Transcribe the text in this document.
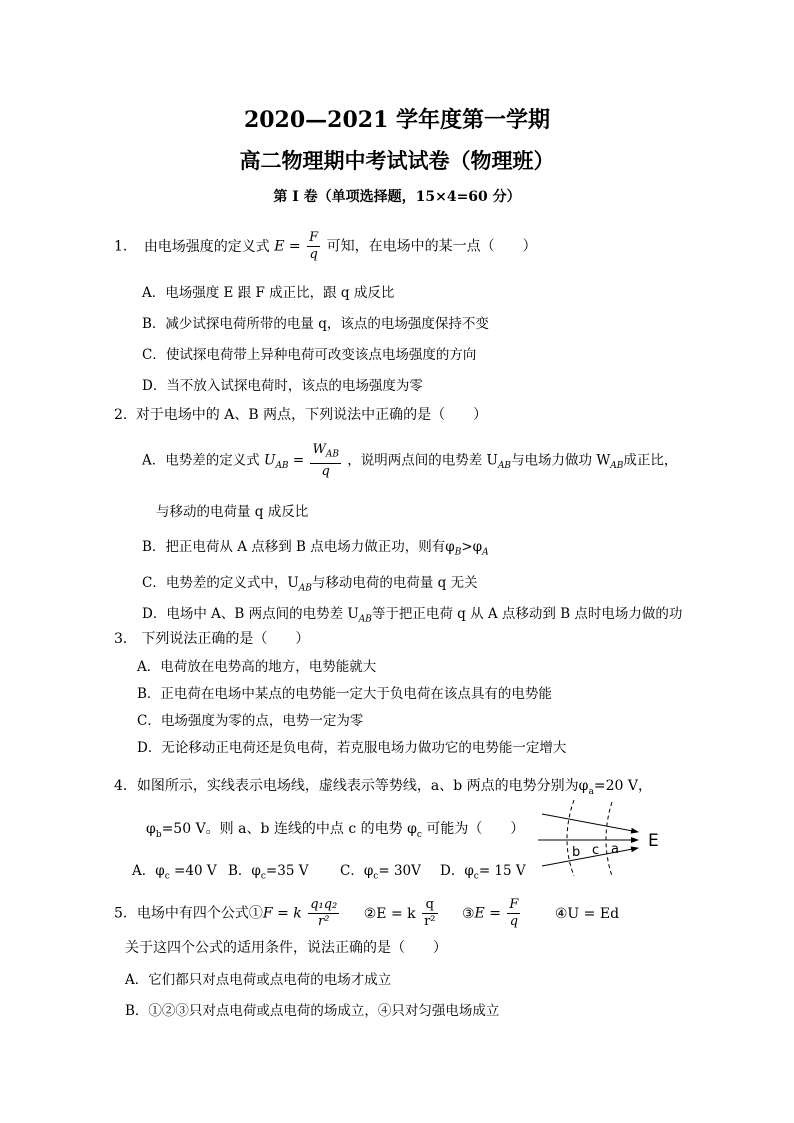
2020—2021 学年度第一学期
高二物理期中考试试卷（物理班）
第 I 卷（单项选择题，15×4=60 分）
1. 由电场强度的定义式 $E = \frac{F}{q}$ 可知，在电场中的某一点（　　）
A．电场强度 E 跟 F 成正比，跟 q 成反比
B．减少试探电荷所带的电量 q，该点的电场强度保持不变
C．使试探电荷带上异种电荷可改变该点电场强度的方向
D．当不放入试探电荷时，该点的电场强度为零
2. 对于电场中的 A、B 两点，下列说法中正确的是（　　）
A．电势差的定义式 $U_{AB} = \frac{W_{AB}}{q}$ ，说明两点间的电势差 $U_{AB}$与电场力做功 $W_{AB}$成正比，
与移动的电荷量 q 成反比
B．把正电荷从 A 点移到 B 点电场力做正功，则有$\varphi_B>\varphi_A$
C．电势差的定义式中，$U_{AB}$与移动电荷的电荷量 q 无关
D．电场中 A、B 两点间的电势差 $U_{AB}$等于把正电荷 q 从 A 点移动到 B 点时电场力做的功
3． 下列说法正确的是（　　）
A．电荷放在电势高的地方，电势能就大
B．正电荷在电场中某点的电势能一定大于负电荷在该点具有的电势能
C．电场强度为零的点，电势一定为零
D．无论移动正电荷还是负电荷，若克服电场力做功它的电势能一定增大
4．如图所示，实线表示电场线，虚线表示等势线，a、b 两点的电势分别为$\varphi_a=20$ V，
$\varphi_b=50$ V。则 a、b 连线的中点 c 的电势 $\varphi_c$ 可能为（　　）
A．$\varphi_c =40$ V B．$\varphi_c=35$ V C．$\varphi_c= 30V$ D．$\varphi_c= 15$ V
b c a E
5．电场中有四个公式①F = k $\frac{\text{q₁q₂}}{\text{r²}}$ ②E = k $\frac{q}{\text{r²}}$ ③E = $\frac{F}{q}$ ④U = Ed
关于这四个公式的适用条件，说法正确的是（　　）
A．它们都只对点电荷或点电荷的电场才成立
B．①②③只对点电荷或点电荷的场成立，④只对匀强电场成立
